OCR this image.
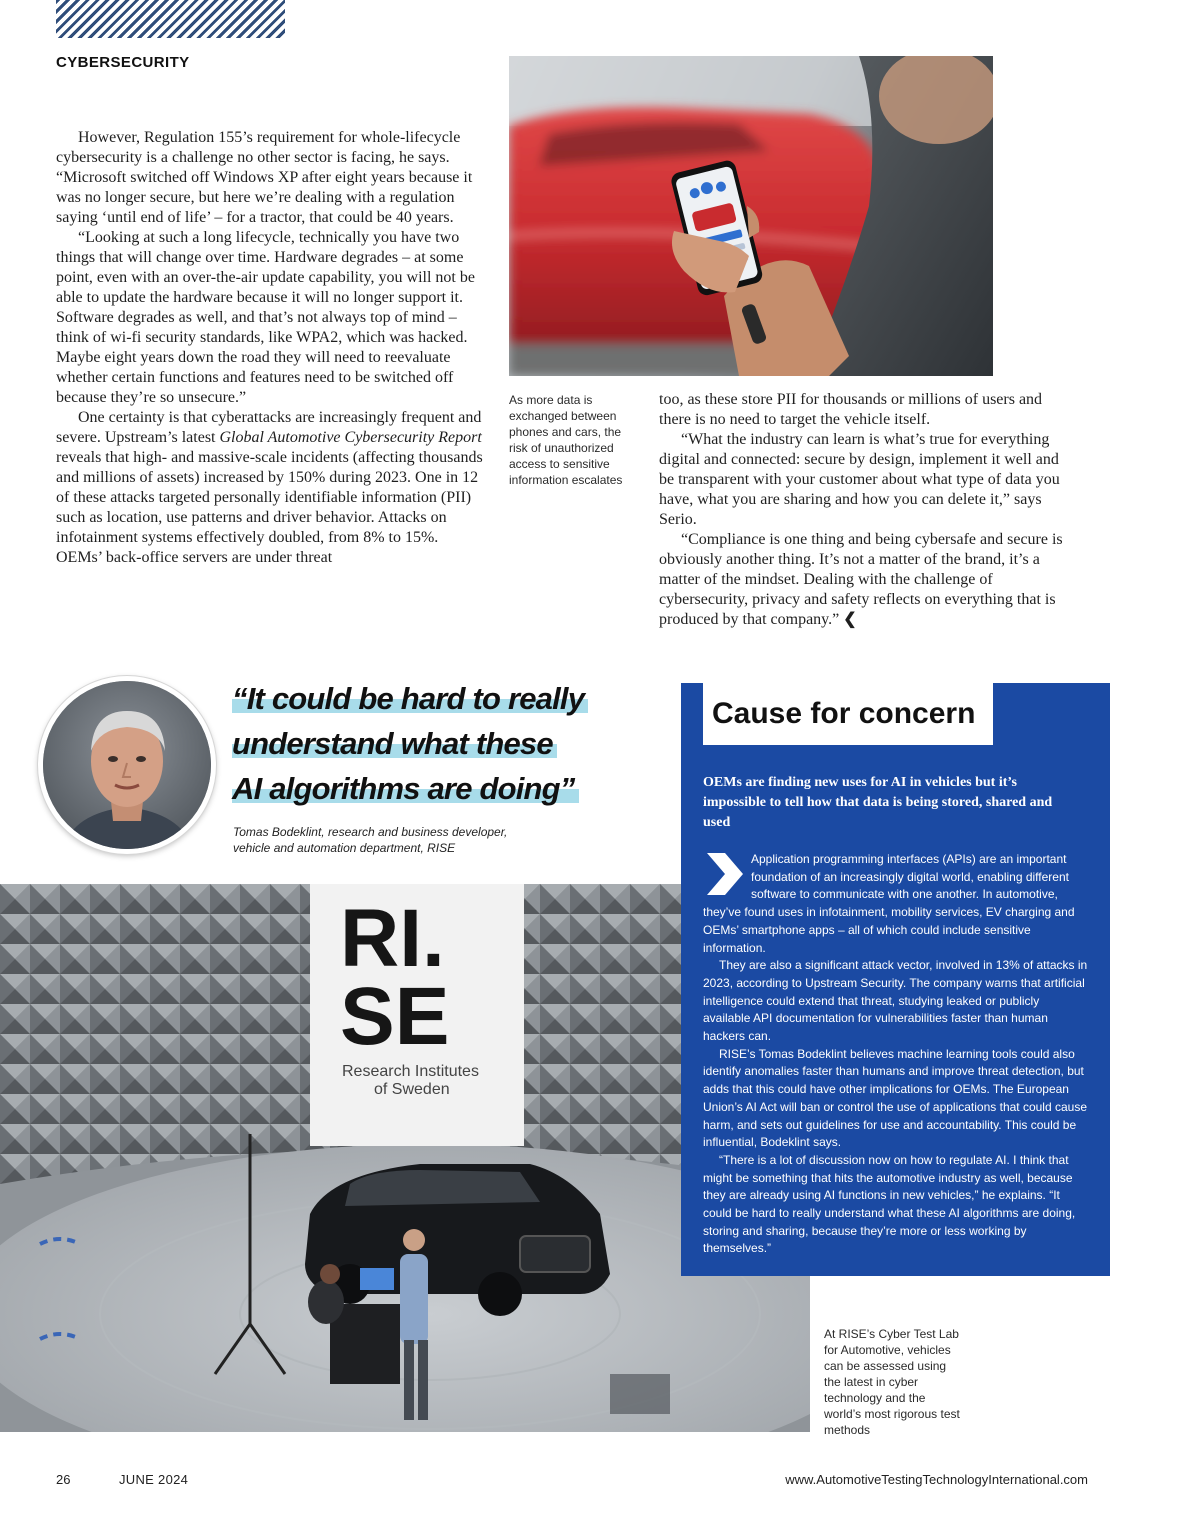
CYBERSECURITY

However, Regulation 155’s requirement for whole-lifecycle cybersecurity is a challenge no other sector is facing, he says. “Microsoft switched off Windows XP after eight years because it was no longer secure, but here we’re dealing with a regulation saying ‘until end of life’ – for a tractor, that could be 40 years.

“Looking at such a long lifecycle, technically you have two things that will change over time. Hardware degrades – at some point, even with an over-the-air update capability, you will not be able to update the hardware because it will no longer support it. Software degrades as well, and that’s not always top of mind – think of wi-fi security standards, like WPA2, which was hacked. Maybe eight years down the road they will need to reevaluate whether certain functions and features need to be switched off because they’re so unsecure.”

One certainty is that cyberattacks are increasingly frequent and severe. Upstream’s latest Global Automotive Cybersecurity Report reveals that high- and massive-scale incidents (affecting thousands and millions of assets) increased by 150% during 2023. One in 12 of these attacks targeted personally identifiable information (PII) such as location, use patterns and driver behavior. Attacks on infotainment systems effectively doubled, from 8% to 15%. OEMs’ back-office servers are under threat

As more data is exchanged between phones and cars, the risk of unauthorized access to sensitive information escalates

too, as these store PII for thousands or millions of users and there is no need to target the vehicle itself.

“What the industry can learn is what’s true for everything digital and connected: secure by design, implement it well and be transparent with your customer about what type of data you have, what you are sharing and how you can delete it,” says Serio.

“Compliance is one thing and being cybersafe and secure is obviously another thing. It’s not a matter of the brand, it’s a matter of the mindset. Dealing with the challenge of cybersecurity, privacy and safety reflects on everything that is produced by that company.” ❮

“It could be hard to really
understand what these
AI algorithms are doing”
Tomas Bodeklint, research and business developer,
vehicle and automation department, RISE
RI.
SE
Research Institutes
of Sweden
At RISE’s Cyber Test Lab for Automotive, vehicles can be assessed using the latest in cyber technology and the world’s most rigorous test methods
Cause for concern
OEMs are finding new uses for AI in vehicles but it’s impossible to tell how that data is being stored, shared and used

Application programming interfaces (APIs) are an important foundation of an increasingly digital world, enabling different software to communicate with one another. In automotive, they’ve found uses in infotainment, mobility services, EV charging and OEMs’ smartphone apps – all of which could include sensitive information.

They are also a significant attack vector, involved in 13% of attacks in 2023, according to Upstream Security. The company warns that artificial intelligence could extend that threat, studying leaked or publicly available API documentation for vulnerabilities faster than human hackers can.

RISE’s Tomas Bodeklint believes machine learning tools could also identify anomalies faster than humans and improve threat detection, but adds that this could have other implications for OEMs. The European Union’s AI Act will ban or control the use of applications that could cause harm, and sets out guidelines for use and accountability. This could be influential, Bodeklint says.

“There is a lot of discussion now on how to regulate AI. I think that might be something that hits the automotive industry as well, because they are already using AI functions in new vehicles,” he explains. “It could be hard to really understand what these AI algorithms are doing, storing and sharing, because they’re more or less working by themselves.”

26	JUNE 2024	www.AutomotiveTestingTechnologyInternational.com
